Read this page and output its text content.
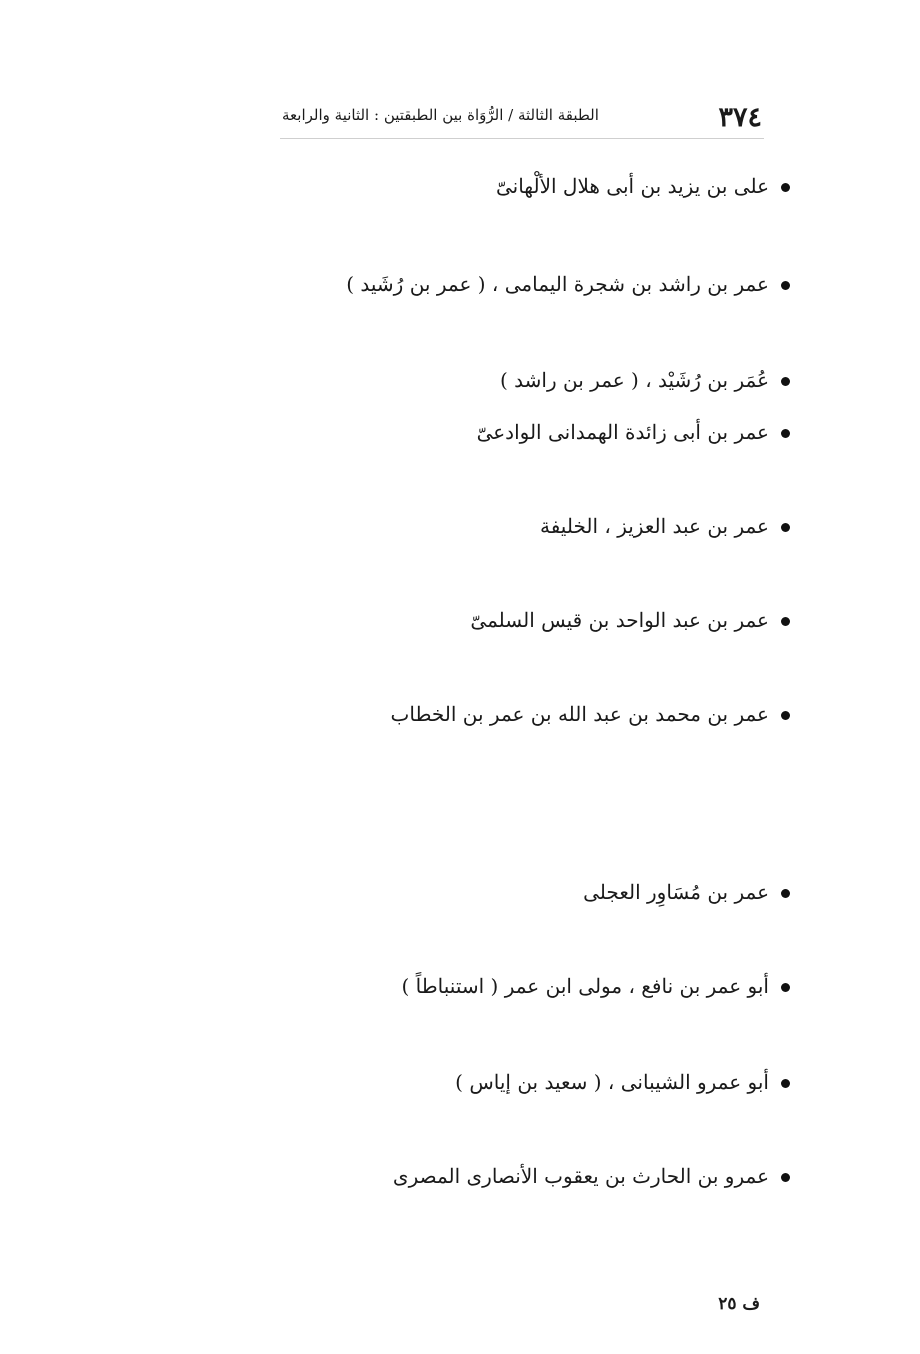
٣٧٤
الطبقة الثالثة / الرُّوَاة بين الطبقتين : الثانية والرابعة
على بن يزيد بن أبى هلال الألْهانىّ
عمر بن راشد بن شجرة اليمامى ، ( عمر بن رُشَيد )
عُمَر بن رُشَيْد ، ( عمر بن راشد )
عمر بن أبى زائدة الهمدانى الوادعىّ
عمر بن عبد العزيز ، الخليفة
عمر بن عبد الواحد بن قيس السلمىّ
عمر بن محمد بن عبد الله بن عمر بن الخطاب
عمر بن مُسَاوِر العجلى
أبو عمر بن نافع ، مولى ابن عمر ( استنباطاً )
أبو عمرو الشيبانى ، ( سعيد بن إياس )
عمرو بن الحارث بن يعقوب الأنصارى المصرى
ف ٢٥
